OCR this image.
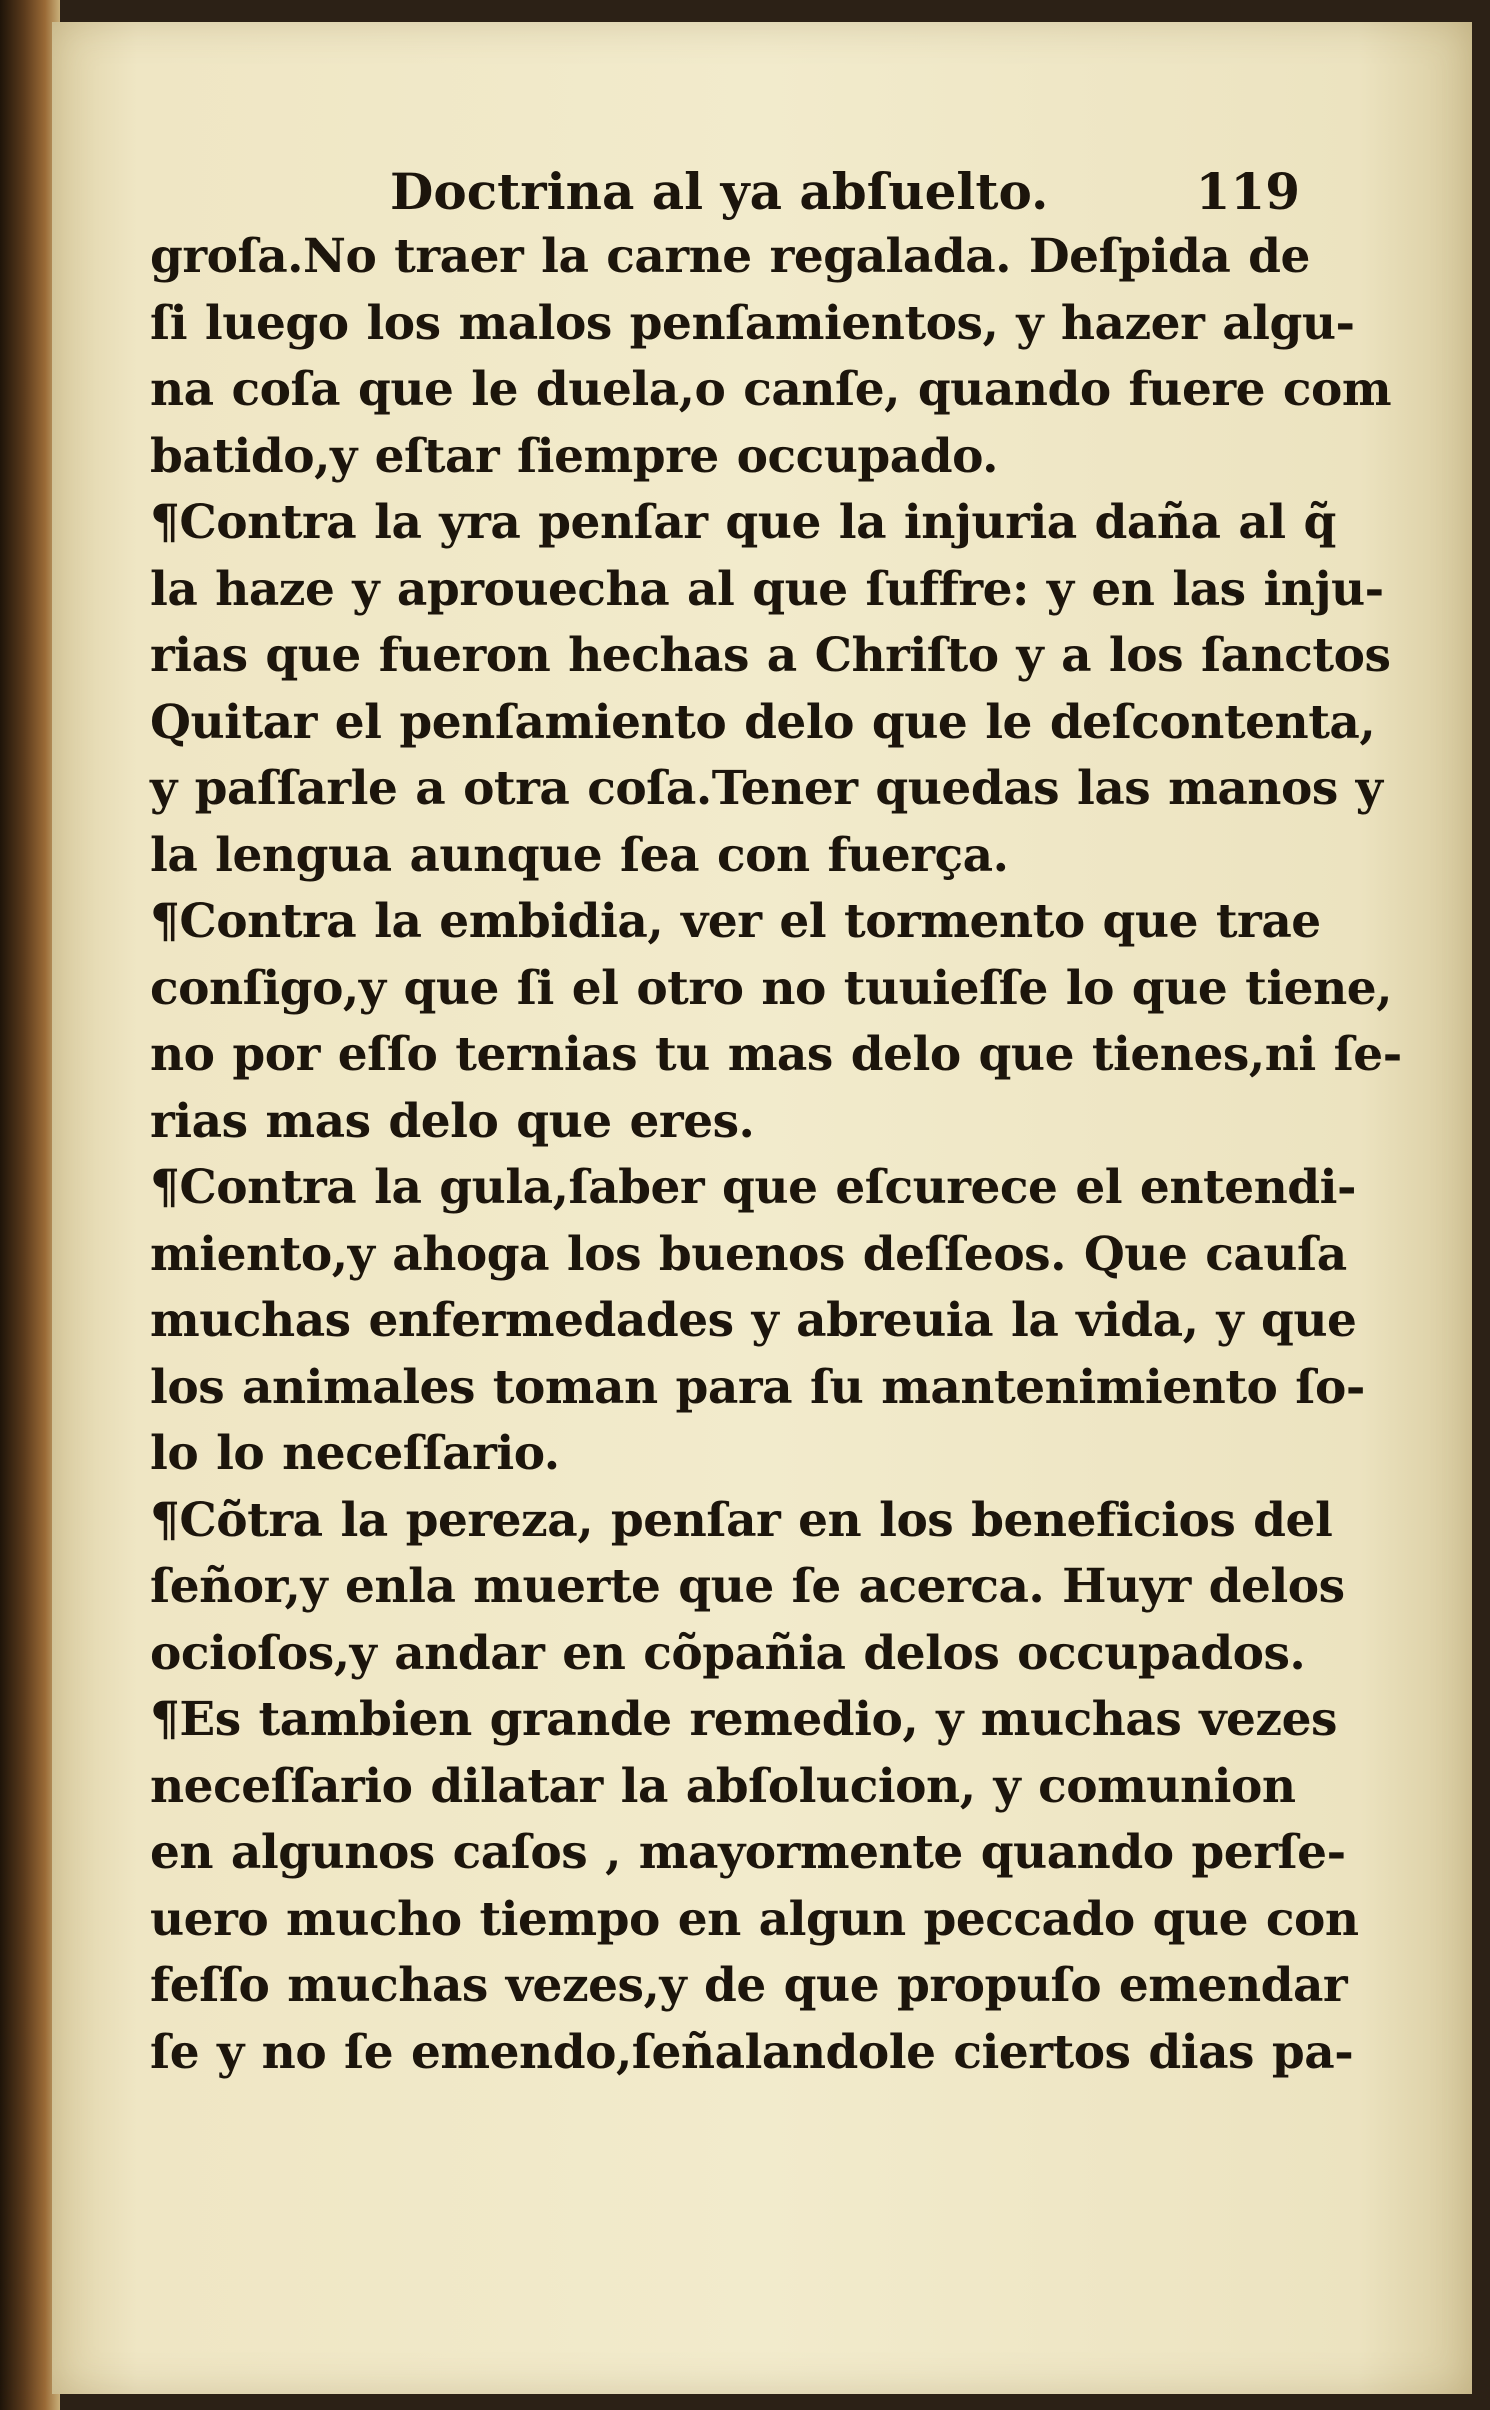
Doctrina al ya abſuelto.	119
groſa.No traer la carne regalada. Deſpida de
ſi luego los malos penſamientos, y hazer algu-
na coſa que le duela,o canſe, quando fuere com
batido,y eſtar ſiempre occupado.
¶Contra la yra penſar que la injuria daña al q̃
la haze y aprouecha al que ſuffre: y en las inju-
rias que fueron hechas a Chriſto y a los ſanctos
Quitar el penſamiento delo que le deſcontenta,
y paſſarle a otra coſa.Tener quedas las manos y
la lengua aunque ſea con fuerça.
¶Contra la embidia, ver el tormento que trae
conſigo,y que ſi el otro no tuuieſſe lo que tiene,
no por eſſo ternias tu mas delo que tienes,ni ſe-
rias mas delo que eres.
¶Contra la gula,ſaber que eſcurece el entendi-
miento,y ahoga los buenos deſſeos. Que cauſa
muchas enfermedades y abreuia la vida, y que
los animales toman para ſu mantenimiento ſo-
lo lo neceſſario.
¶Cõtra la pereza, penſar en los beneficios del
ſeñor,y enla muerte que ſe acerca. Huyr delos
ocioſos,y andar en cõpañia delos occupados.
¶Es tambien grande remedio, y muchas vezes
neceſſario dilatar la abſolucion, y comunion
en algunos caſos , mayormente quando perſe-
uero mucho tiempo en algun peccado que con
feſſo muchas vezes,y de que propuſo emendar
ſe y no ſe emendo,ſeñalandole ciertos dias pa-
